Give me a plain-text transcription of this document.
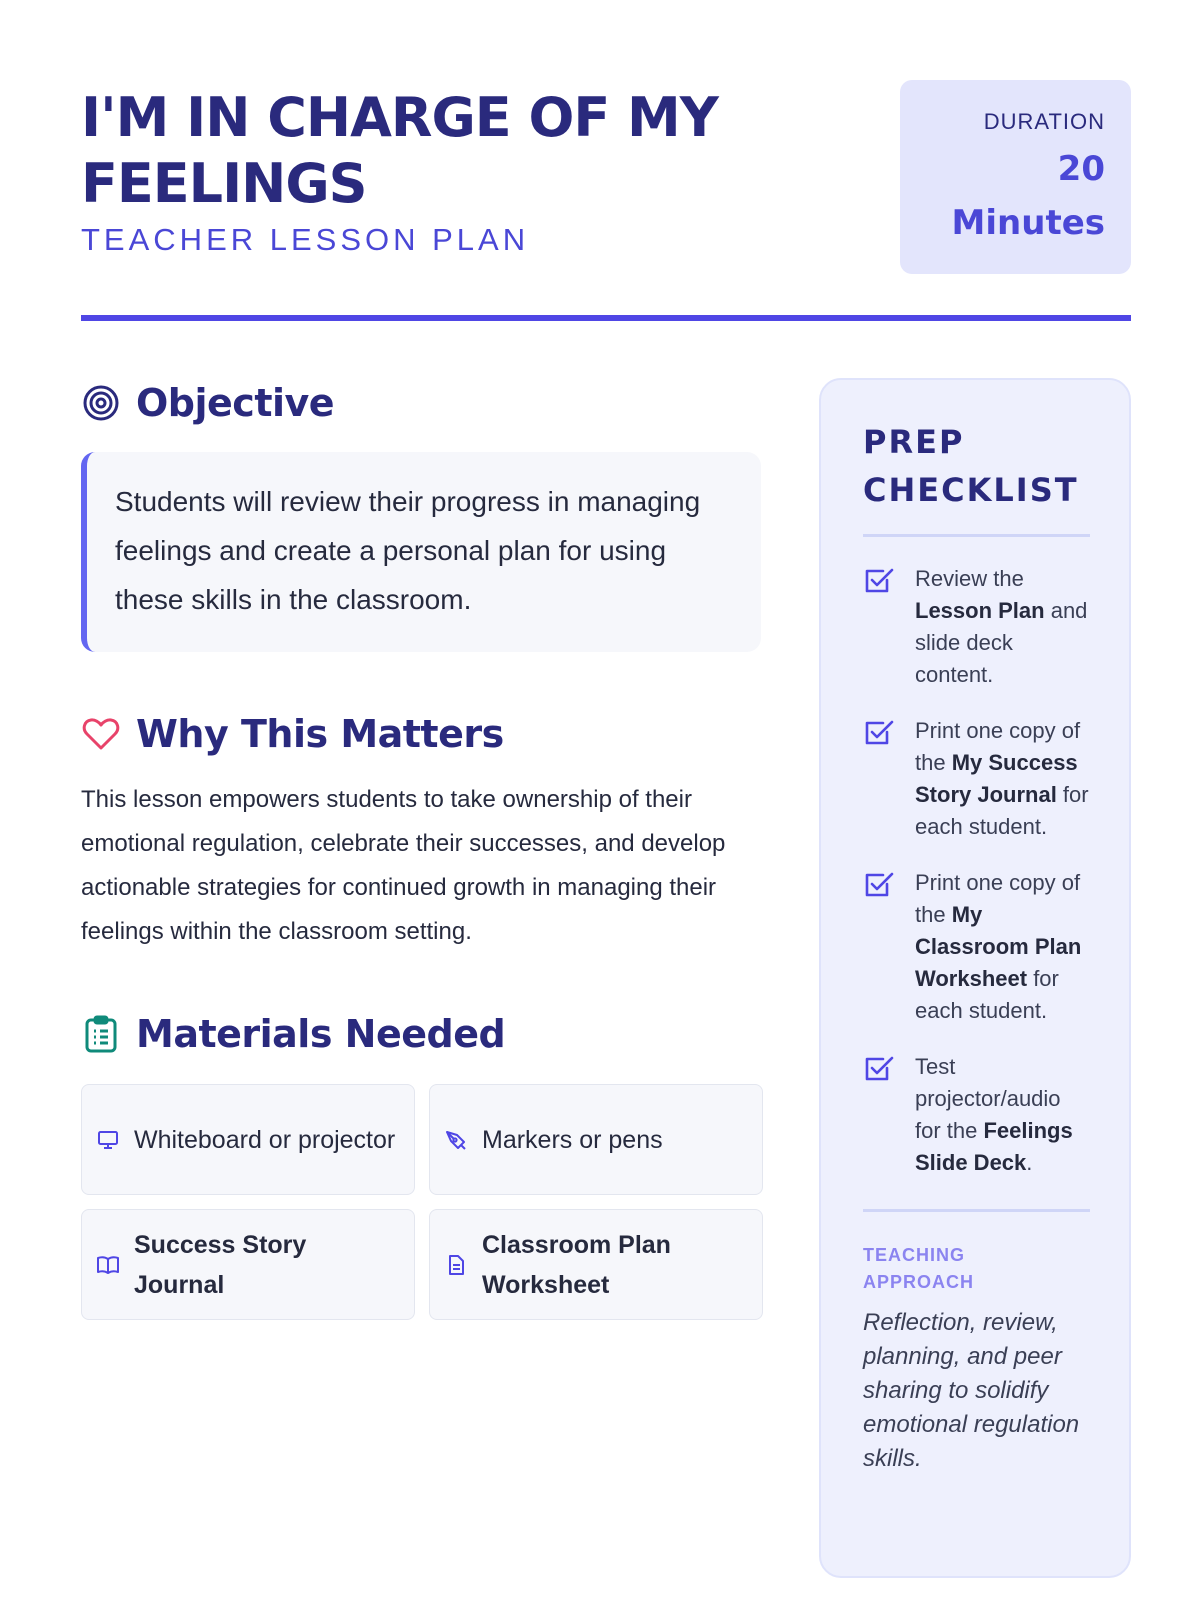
I'M IN CHARGE OF MY FEELINGS
TEACHER LESSON PLAN
DURATION
20
Minutes
Objective
Students will review their progress in managing feelings and create a personal plan for using these skills in the classroom.
Why This Matters

This lesson empowers students to take ownership of their emotional regulation, celebrate their successes, and develop actionable strategies for continued growth in managing their feelings within the classroom setting.

Materials Needed
Whiteboard or projector	Markers or pens
Success Story Journal
Classroom Plan Worksheet
PREP CHECKLIST
Review the Lesson Plan and slide deck content.
Print one copy of the My Success Story Journal for each student.
Print one copy of the My Classroom Plan Worksheet for each student.
Test projector/audio for the Feelings Slide Deck.
TEACHING APPROACH
Reflection, review, planning, and peer sharing to solidify emotional regulation skills.
